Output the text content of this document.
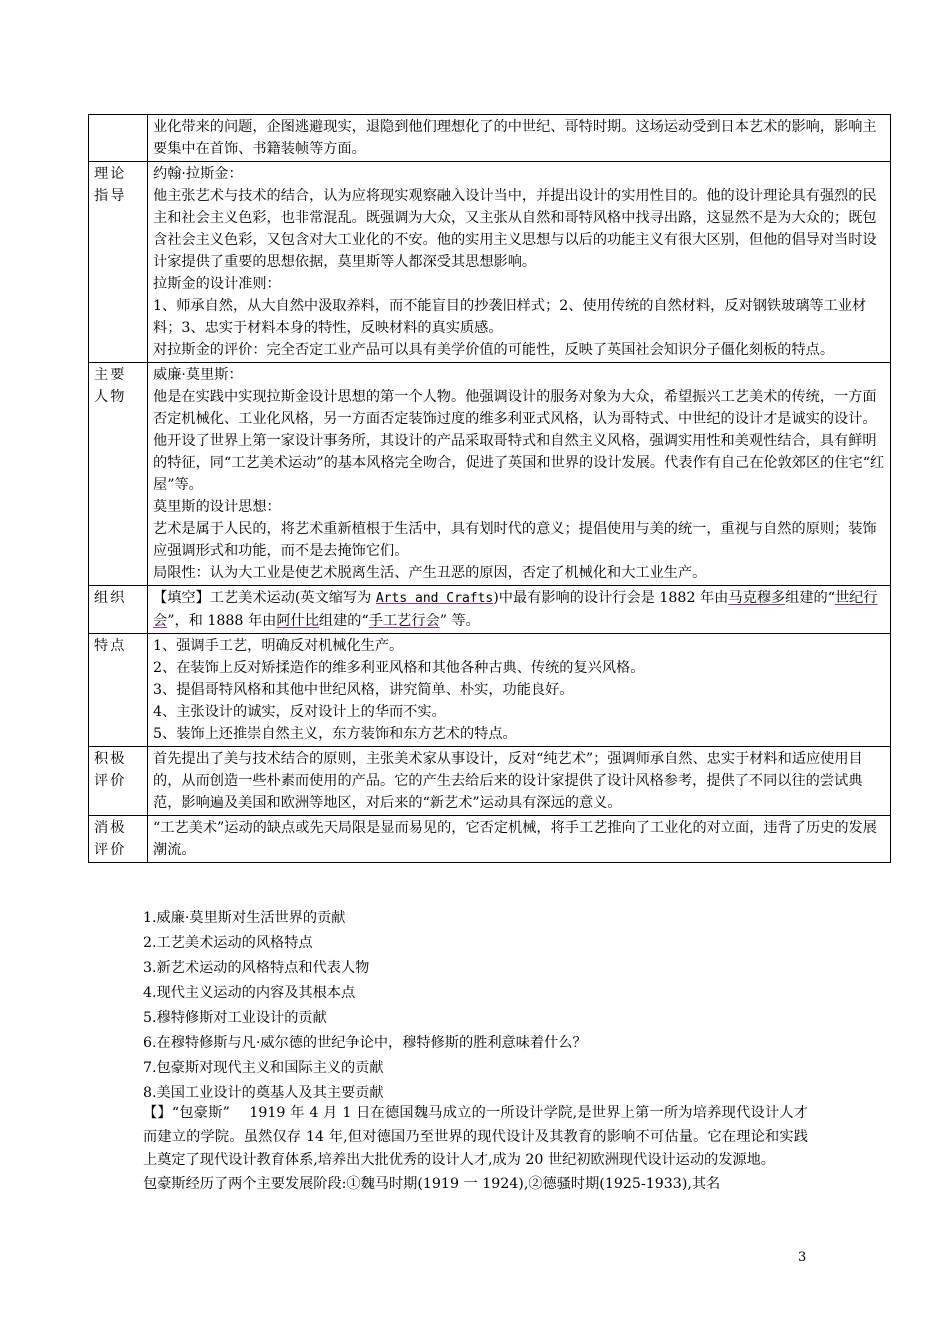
	业化带来的问题，企图逃避现实，退隐到他们理想化了的中世纪、哥特时期。这场运动受到日本艺术的影响，影响主要集中在首饰、书籍装帧等方面。

理论指导	约翰·拉斯金：

他主张艺术与技术的结合，认为应将现实观察融入设计当中，并提出设计的实用性目的。他的设计理论具有强烈的民主和社会主义色彩，也非常混乱。既强调为大众，又主张从自然和哥特风格中找寻出路，这显然不是为大众的；既包含社会主义色彩，又包含对大工业化的不安。他的实用主义思想与以后的功能主义有很大区别，但他的倡导对当时设计家提供了重要的思想依据，莫里斯等人都深受其思想影响。

拉斯金的设计准则：

1、师承自然，从大自然中汲取养料，而不能盲目的抄袭旧样式；2、使用传统的自然材料，反对钢铁玻璃等工业材料；3、忠实于材料本身的特性，反映材料的真实质感。

对拉斯金的评价：完全否定工业产品可以具有美学价值的可能性，反映了英国社会知识分子僵化刻板的特点。

主要人物	威廉·莫里斯：

他是在实践中实现拉斯金设计思想的第一个人物。他强调设计的服务对象为大众，希望振兴工艺美术的传统，一方面否定机械化、工业化风格，另一方面否定装饰过度的维多利亚式风格，认为哥特式、中世纪的设计才是诚实的设计。他开设了世界上第一家设计事务所，其设计的产品采取哥特式和自然主义风格，强调实用性和美观性结合，具有鲜明的特征，同“工艺美术运动”的基本风格完全吻合，促进了英国和世界的设计发展。代表作有自己在伦敦郊区的住宅“红屋”等。

莫里斯的设计思想：

艺术是属于人民的，将艺术重新植根于生活中，具有划时代的意义；提倡使用与美的统一，重视与自然的原则；装饰应强调形式和功能，而不是去掩饰它们。

局限性：认为大工业是使艺术脱离生活、产生丑恶的原因，否定了机械化和大工业生产。

组织	【填空】工艺美术运动(英文缩写为 Arts and Crafts)中最有影响的设计行会是 1882 年由马克穆多组建的“世纪行会”，和 1888 年由阿什比组建的“手工艺行会” 等。

特点	1、强调手工艺，明确反对机械化生产。

2、在装饰上反对矫揉造作的维多利亚风格和其他各种古典、传统的复兴风格。

3、提倡哥特风格和其他中世纪风格，讲究简单、朴实，功能良好。

4、主张设计的诚实，反对设计上的华而不实。

5、装饰上还推崇自然主义，东方装饰和东方艺术的特点。

积极评价	首先提出了美与技术结合的原则，主张美术家从事设计，反对“纯艺术”；强调师承自然、忠实于材料和适应使用目的，从而创造一些朴素而使用的产品。它的产生去给后来的设计家提供了设计风格参考，提供了不同以往的尝试典范，影响遍及美国和欧洲等地区，对后来的“新艺术”运动具有深远的意义。

消极评价	“工艺美术”运动的缺点或先天局限是显而易见的，它否定机械，将手工艺推向了工业化的对立面，违背了历史的发展潮流。

1.威廉·莫里斯对生活世界的贡献
2.工艺美术运动的风格特点
3.新艺术运动的风格特点和代表人物
4.现代主义运动的内容及其根本点
5.穆特修斯对工业设计的贡献
6.在穆特修斯与凡·威尔德的世纪争论中，穆特修斯的胜利意味着什么？
7.包豪斯对现代主义和国际主义的贡献
8.美国工业设计的奠基人及其主要贡献

【】“包豪斯”　 1919 年 4 月 1 日在德国魏马成立的一所设计学院,是世界上第一所为培养现代设计人才而建立的学院。虽然仅存 14 年,但对德国乃至世界的现代设计及其教育的影响不可估量。它在理论和实践上奠定了现代设计教育体系,培养出大批优秀的设计人才,成为 20 世纪初欧洲现代设计运动的发源地。

包豪斯经历了两个主要发展阶段:①魏马时期(1919 一 1924),②德骚时期(1925-1933),其名

3
